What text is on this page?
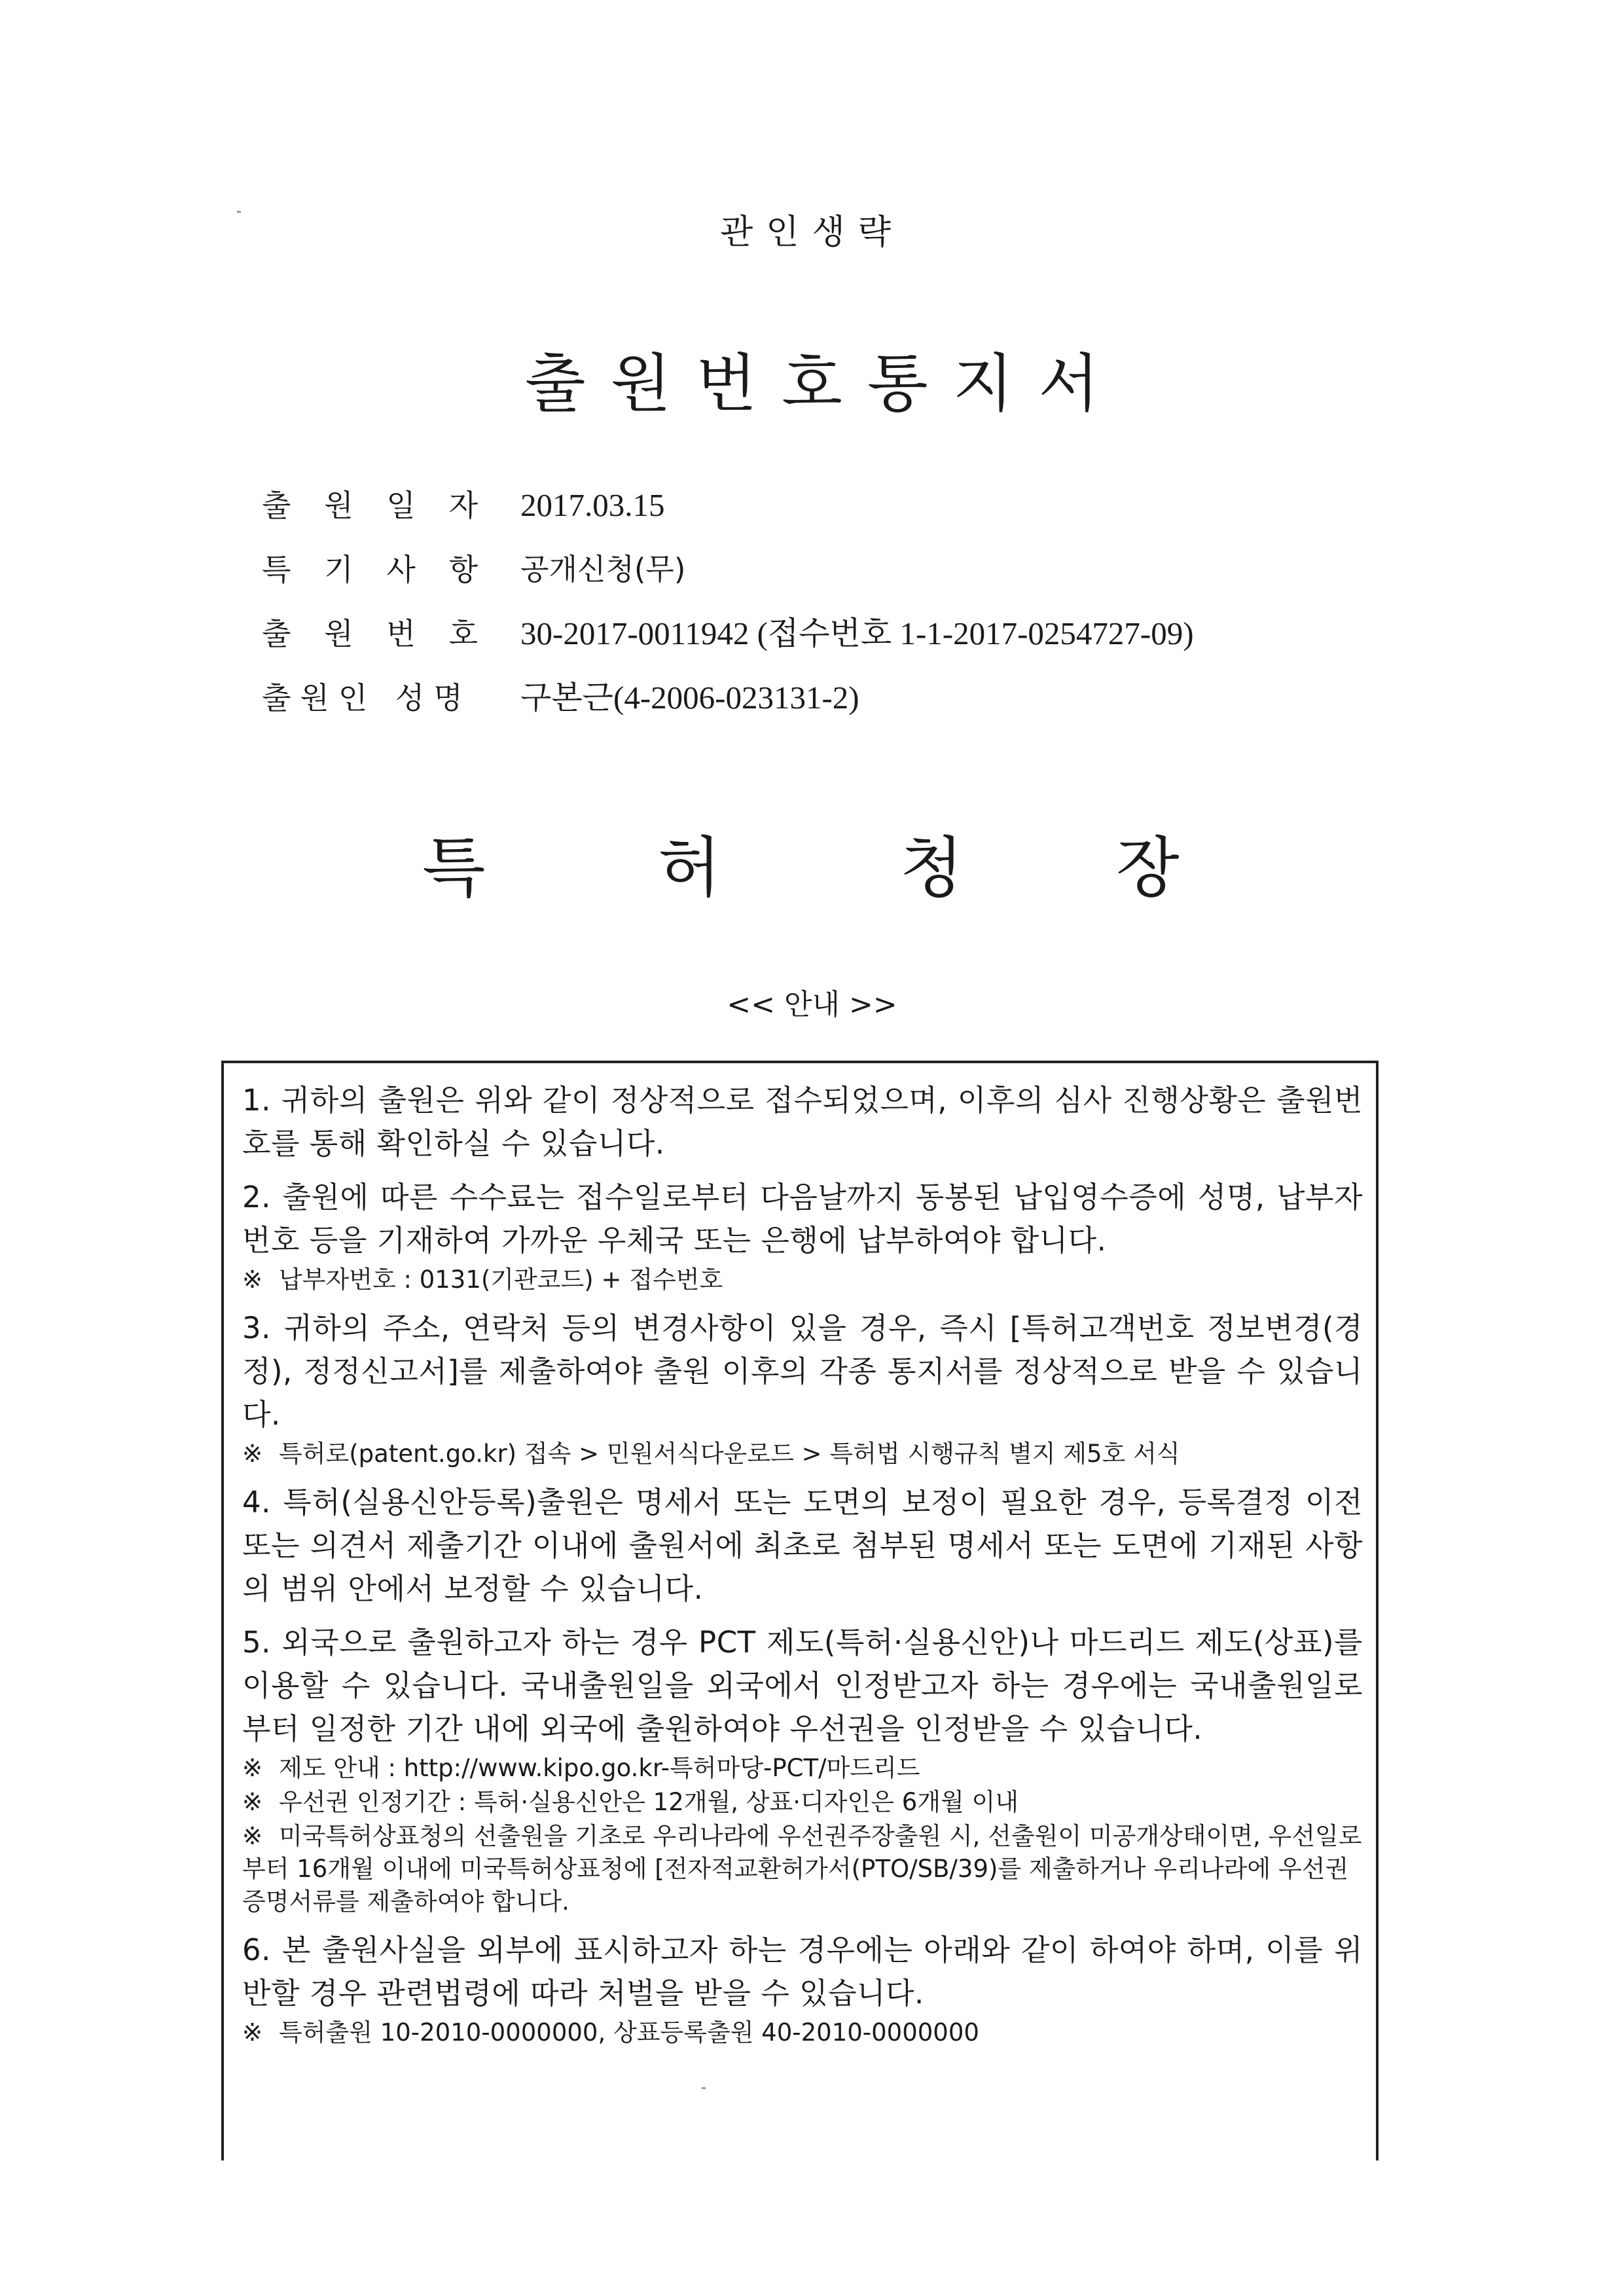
관인생략
출원번호통지서
출 원 일 자 2017.03.15
특 기 사 항 공개신청(무)
출 원 번 호 30-2017-0011942 (접수번호 1-1-2017-0254727-09)
출원인 성명 구본근(4-2006-023131-2)
특	허	청 장
<< 안내 >>
1. 귀하의 출원은 위와 같이 정상적으로 접수되었으며, 이후의 심사 진행상황은 출원번호를 통해 확인하실 수 있습니다.
2. 출원에 따른 수수료는 접수일로부터 다음날까지 동봉된 납입영수증에 성명, 납부자번호 등을 기재하여 가까운 우체국 또는 은행에 납부하여야 합니다.
※ 납부자번호 : 0131(기관코드) + 접수번호
3. 귀하의 주소, 연락처 등의 변경사항이 있을 경우, 즉시 [특허고객번호 정보변경(경정), 정정신고서]를 제출하여야 출원 이후의 각종 통지서를 정상적으로 받을 수 있습니다.
※ 특허로(patent.go.kr) 접속 > 민원서식다운로드 > 특허법 시행규칙 별지 제5호 서식
4. 특허(실용신안등록)출원은 명세서 또는 도면의 보정이 필요한 경우, 등록결정 이전 또는 의견서 제출기간 이내에 출원서에 최초로 첨부된 명세서 또는 도면에 기재된 사항의 범위 안에서 보정할 수 있습니다.
5. 외국으로 출원하고자 하는 경우 PCT 제도(특허·실용신안)나 마드리드 제도(상표)를 이용할 수 있습니다. 국내출원일을 외국에서 인정받고자 하는 경우에는 국내출원일로부터 일정한 기간 내에 외국에 출원하여야 우선권을 인정받을 수 있습니다.
※ 제도 안내 : http://www.kipo.go.kr-특허마당-PCT/마드리드
※ 우선권 인정기간 : 특허·실용신안은 12개월, 상표·디자인은 6개월 이내
※ 미국특허상표청의 선출원을 기초로 우리나라에 우선권주장출원 시, 선출원이 미공개상태이면, 우선일로부터 16개월 이내에 미국특허상표청에 [전자적교환허가서(PTO/SB/39)를 제출하거나 우리나라에 우선권 증명서류를 제출하여야 합니다.
6. 본 출원사실을 외부에 표시하고자 하는 경우에는 아래와 같이 하여야 하며, 이를 위반할 경우 관련법령에 따라 처벌을 받을 수 있습니다.
※ 특허출원 10-2010-0000000, 상표등록출원 40-2010-0000000
